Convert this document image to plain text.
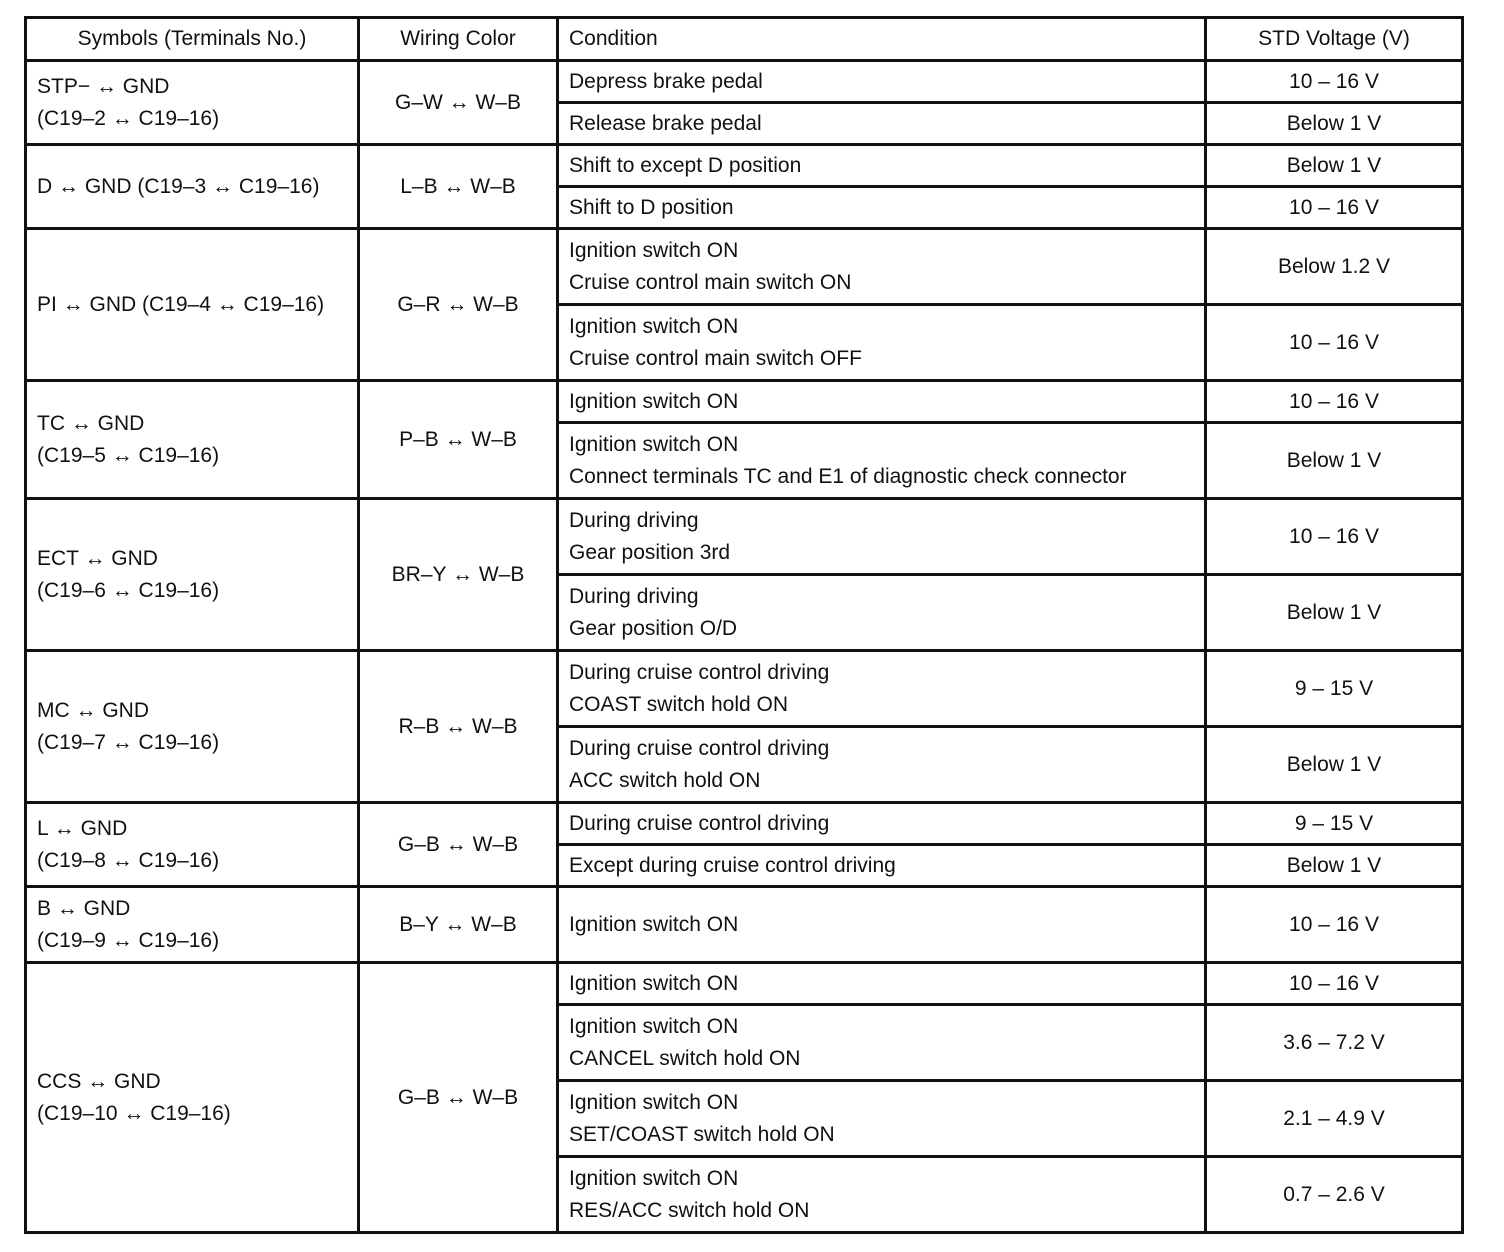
Symbols (Terminals No.)	Wiring Color	Condition	STD Voltage (V)

STP− ↔ GND
(C19–2 ↔ C19–16)	G–W ↔ W–B	Depress brake pedal	10 – 16 V

		Release brake pedal	Below 1 V

D ↔ GND (C19–3 ↔ C19–16)	L–B ↔ W–B	Shift to except D position	Below 1 V

		Shift to D position	10 – 16 V

PI ↔ GND (C19–4 ↔ C19–16)	G–R ↔ W–B	Ignition switch ON
Cruise control main switch ON	Below 1.2 V

		Ignition switch ON
Cruise control main switch OFF	10 – 16 V

TC ↔ GND
(C19–5 ↔ C19–16)	P–B ↔ W–B	Ignition switch ON	10 – 16 V

		Ignition switch ON
Connect terminals TC and E1 of diagnostic check connector	Below 1 V

ECT ↔ GND
(C19–6 ↔ C19–16)	BR–Y ↔ W–B	During driving
Gear position 3rd	10 – 16 V

		During driving
Gear position O/D	Below 1 V

MC ↔ GND
(C19–7 ↔ C19–16)	R–B ↔ W–B	During cruise control driving
COAST switch hold ON	9 – 15 V

		During cruise control driving
ACC switch hold ON	Below 1 V

L ↔ GND
(C19–8 ↔ C19–16)	G–B ↔ W–B	During cruise control driving	9 – 15 V

		Except during cruise control driving	Below 1 V

B ↔ GND
(C19–9 ↔ C19–16)	B–Y ↔ W–B	Ignition switch ON	10 – 16 V

CCS ↔ GND
(C19–10 ↔ C19–16)	G–B ↔ W–B	Ignition switch ON	10 – 16 V

		Ignition switch ON
CANCEL switch hold ON	3.6 – 7.2 V

		Ignition switch ON
SET/COAST switch hold ON	2.1 – 4.9 V

		Ignition switch ON
RES/ACC switch hold ON	0.7 – 2.6 V
